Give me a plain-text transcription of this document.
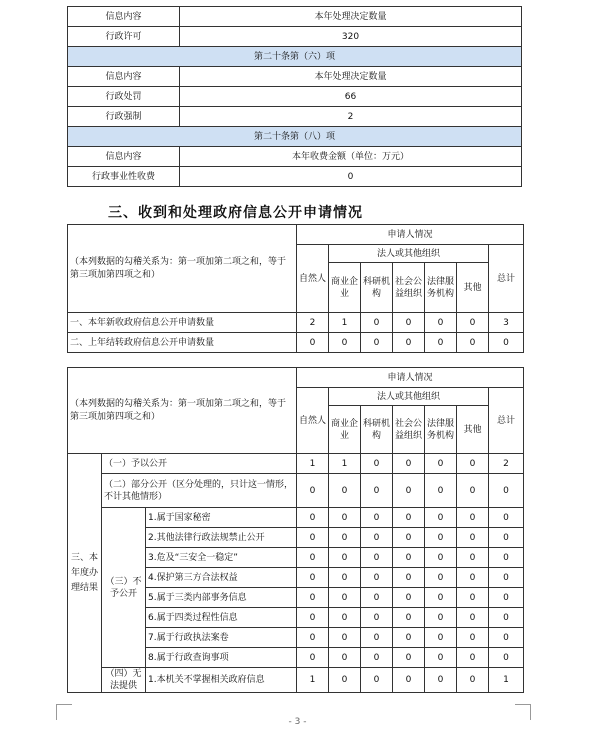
信息内容	本年处理决定数量
行政许可	320
第二十条第（六）项	
信息内容	本年处理决定数量
行政处罚	66
行政强制	2
第二十条第（八）项	
信息内容	本年收费金额（单位：万元）
行政事业性收费	0
三、收到和处理政府信息公开申请情况
（本列数据的勾稽关系为：第一项加第二项之和，等于第三项加第四项之和）	申请人情况						
	自然人	法人或其他组织					总计
		商业企业	科研机构	社会公益组织	法律服务机构	其他	
一、本年新收政府信息公开申请数量	2	1	0	0	0	0	3
二、上年结转政府信息公开申请数量	0	0	0	0	0	0	0
（本列数据的勾稽关系为：第一项加第二项之和，等于第三项加第四项之和）			申请人情况						
			自然人	法人或其他组织					总计
				商业企业	科研机构	社会公益组织	法律服务机构	其他	
三、本年度办理结果	（一）予以公开		1	1	0	0	0	0	2
	（二）部分公开（区分处理的，只计这一情形，不计其他情形）		0	0	0	0	0	0	0
	（三）不予公开	1.属于国家秘密	0	0	0	0	0	0	0
		2.其他法律行政法规禁止公开	0	0	0	0	0	0	0
		3.危及“三安全一稳定”	0	0	0	0	0	0	0
		4.保护第三方合法权益	0	0	0	0	0	0	0
		5.属于三类内部事务信息	0	0	0	0	0	0	0
		6.属于四类过程性信息	0	0	0	0	0	0	0
		7.属于行政执法案卷	0	0	0	0	0	0	0
		8.属于行政查询事项	0	0	0	0	0	0	0
	（四）无法提供	1.本机关不掌握相关政府信息	1	0	0	0	0	0	1
- 3 -
